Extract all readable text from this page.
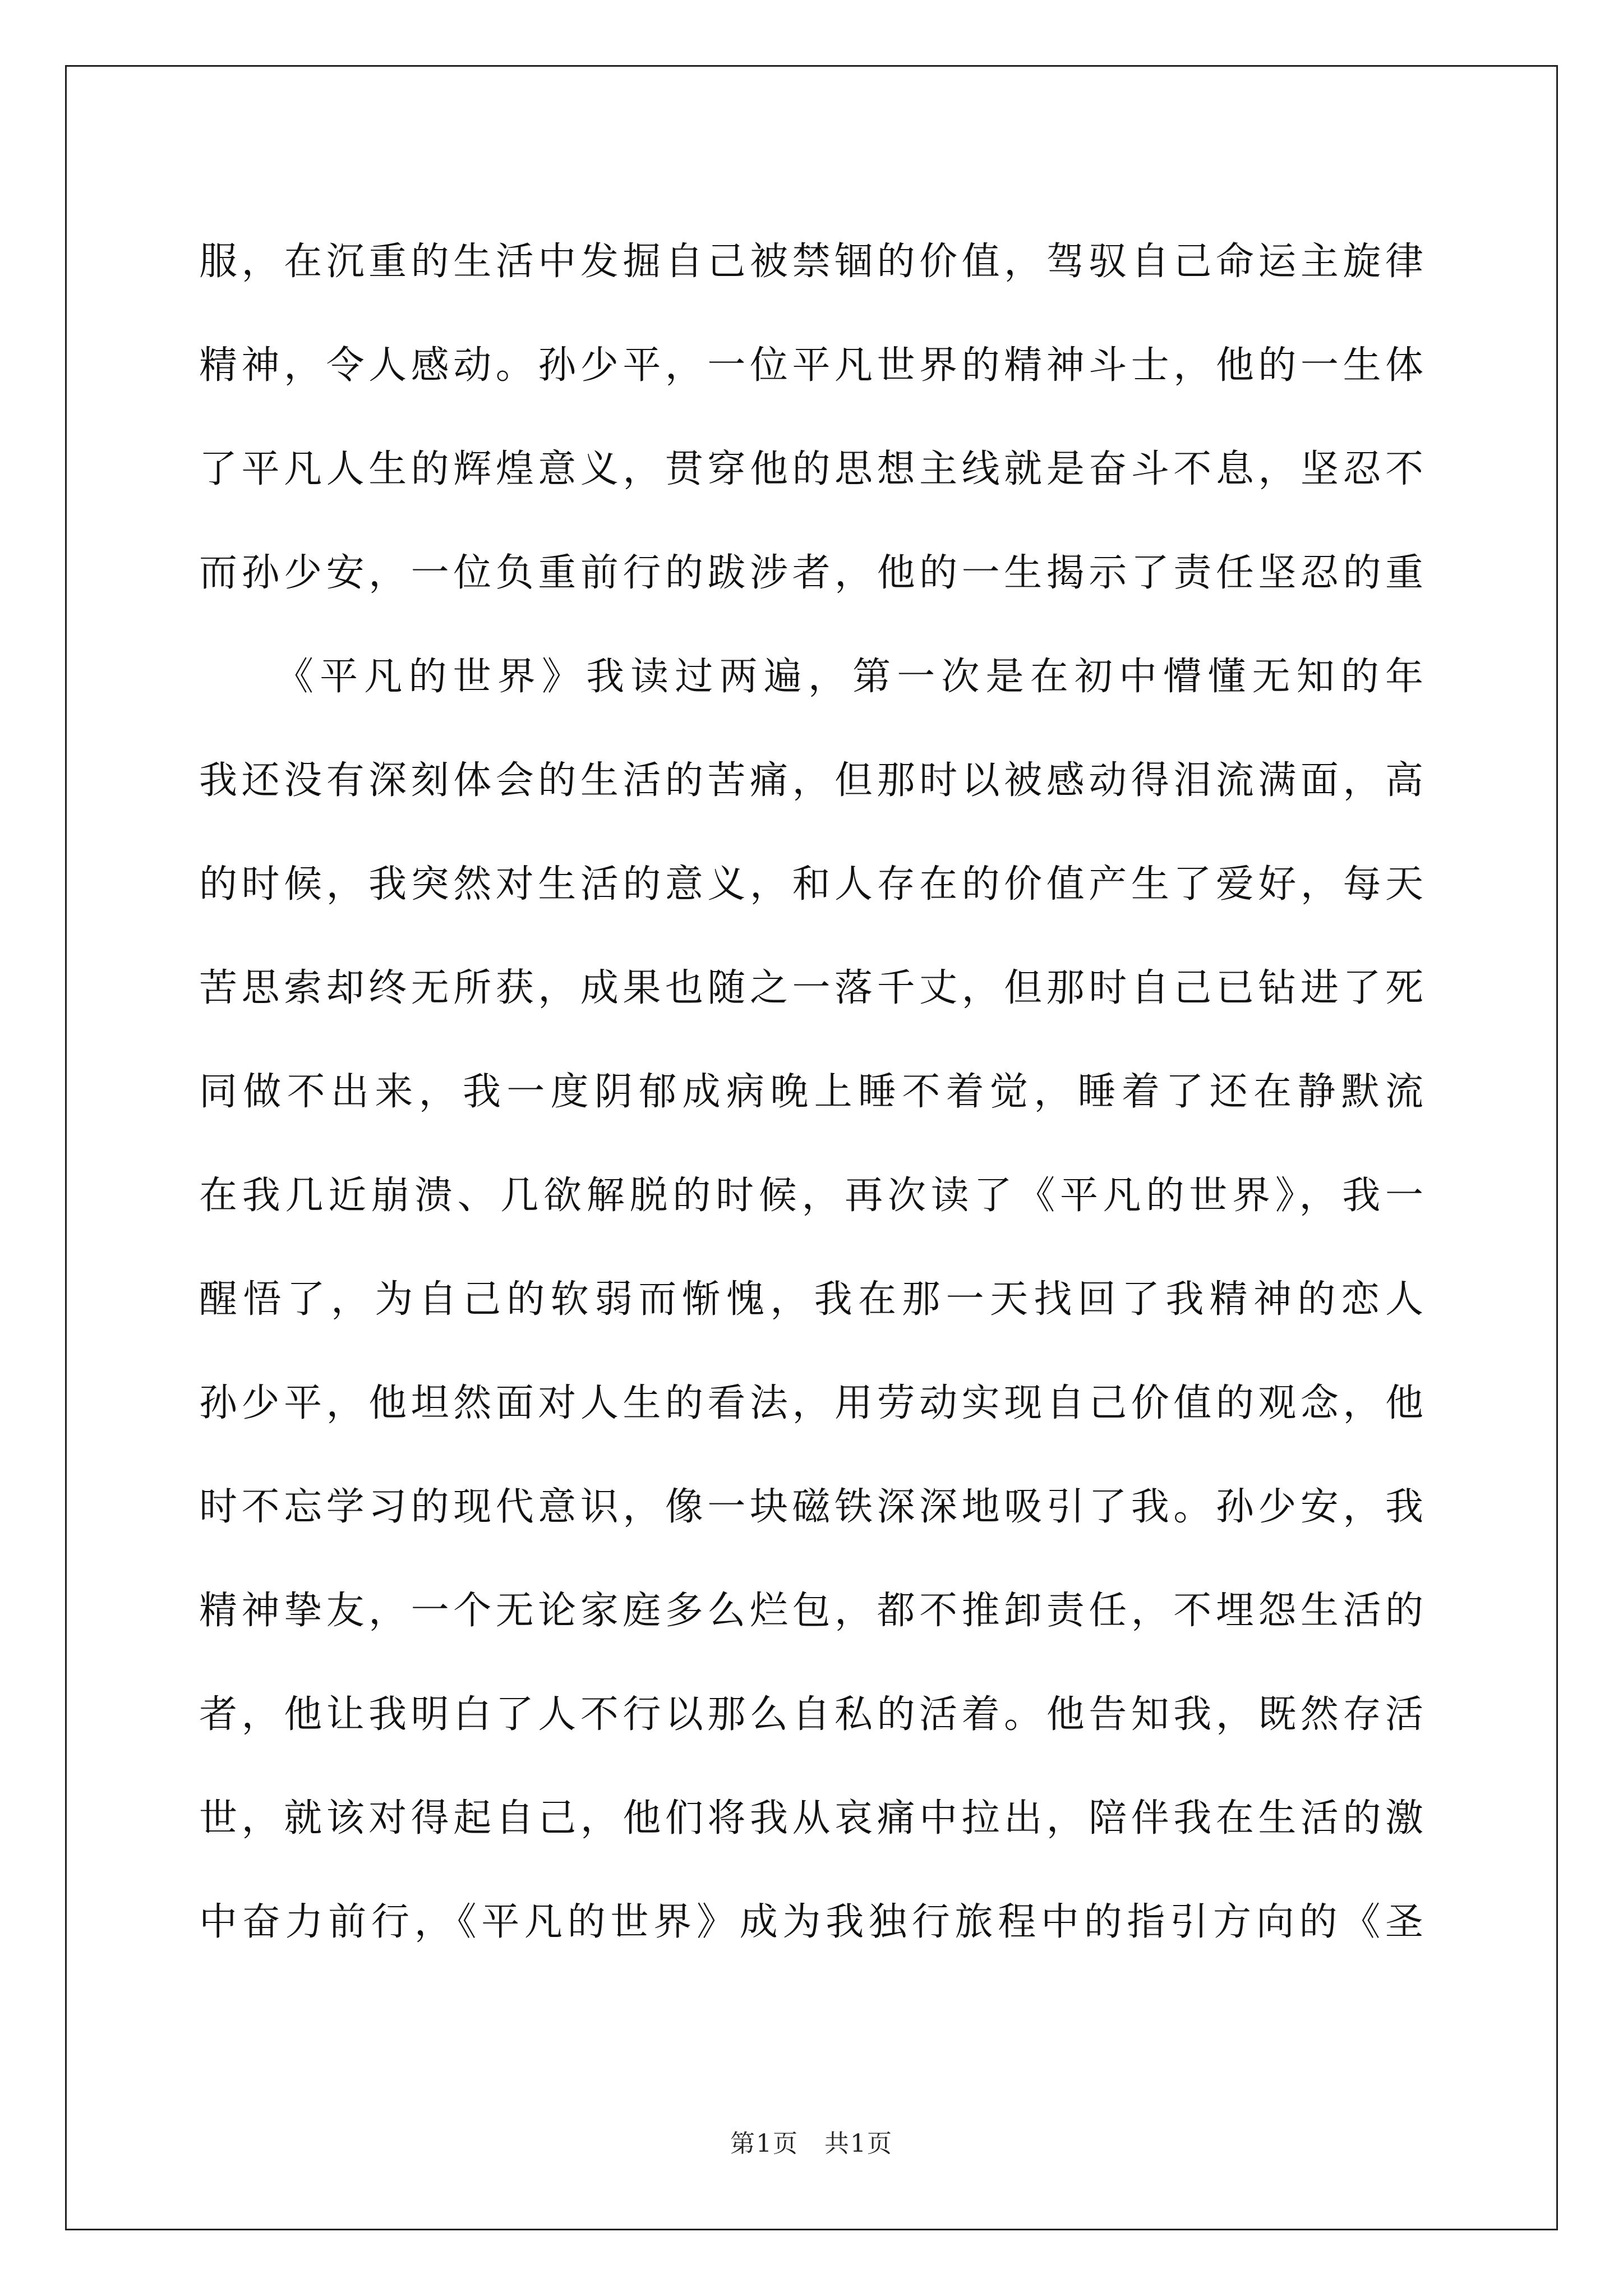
服，在沉重的生活中发掘自己被禁锢的价值，驾驭自己命运主旋律
精神，令人感动。孙少平，一位平凡世界的精神斗士，他的一生体
了平凡人生的辉煌意义，贯穿他的思想主线就是奋斗不息，坚忍不
而孙少安，一位负重前行的跋涉者，他的一生揭示了责任坚忍的重
《平凡的世界》我读过两遍，第一次是在初中懵懂无知的年
我还没有深刻体会的生活的苦痛，但那时以被感动得泪流满面，高
的时候，我突然对生活的意义，和人存在的价值产生了爱好，每天
苦思索却终无所获，成果也随之一落千丈，但那时自己已钻进了死
同做不出来，我一度阴郁成病晚上睡不着觉，睡着了还在静默流
在我几近崩溃、几欲解脱的时候，再次读了《平凡的世界》，我一
醒悟了，为自己的软弱而惭愧，我在那一天找回了我精神的恋人
孙少平，他坦然面对人生的看法，用劳动实现自己价值的观念，他
时不忘学习的现代意识，像一块磁铁深深地吸引了我。孙少安，我
精神挚友，一个无论家庭多么烂包，都不推卸责任，不埋怨生活的
者，他让我明白了人不行以那么自私的活着。他告知我，既然存活
世，就该对得起自己，他们将我从哀痛中拉出，陪伴我在生活的激
中奋力前行，《平凡的世界》成为我独行旅程中的指引方向的《圣
第1页　共1页
